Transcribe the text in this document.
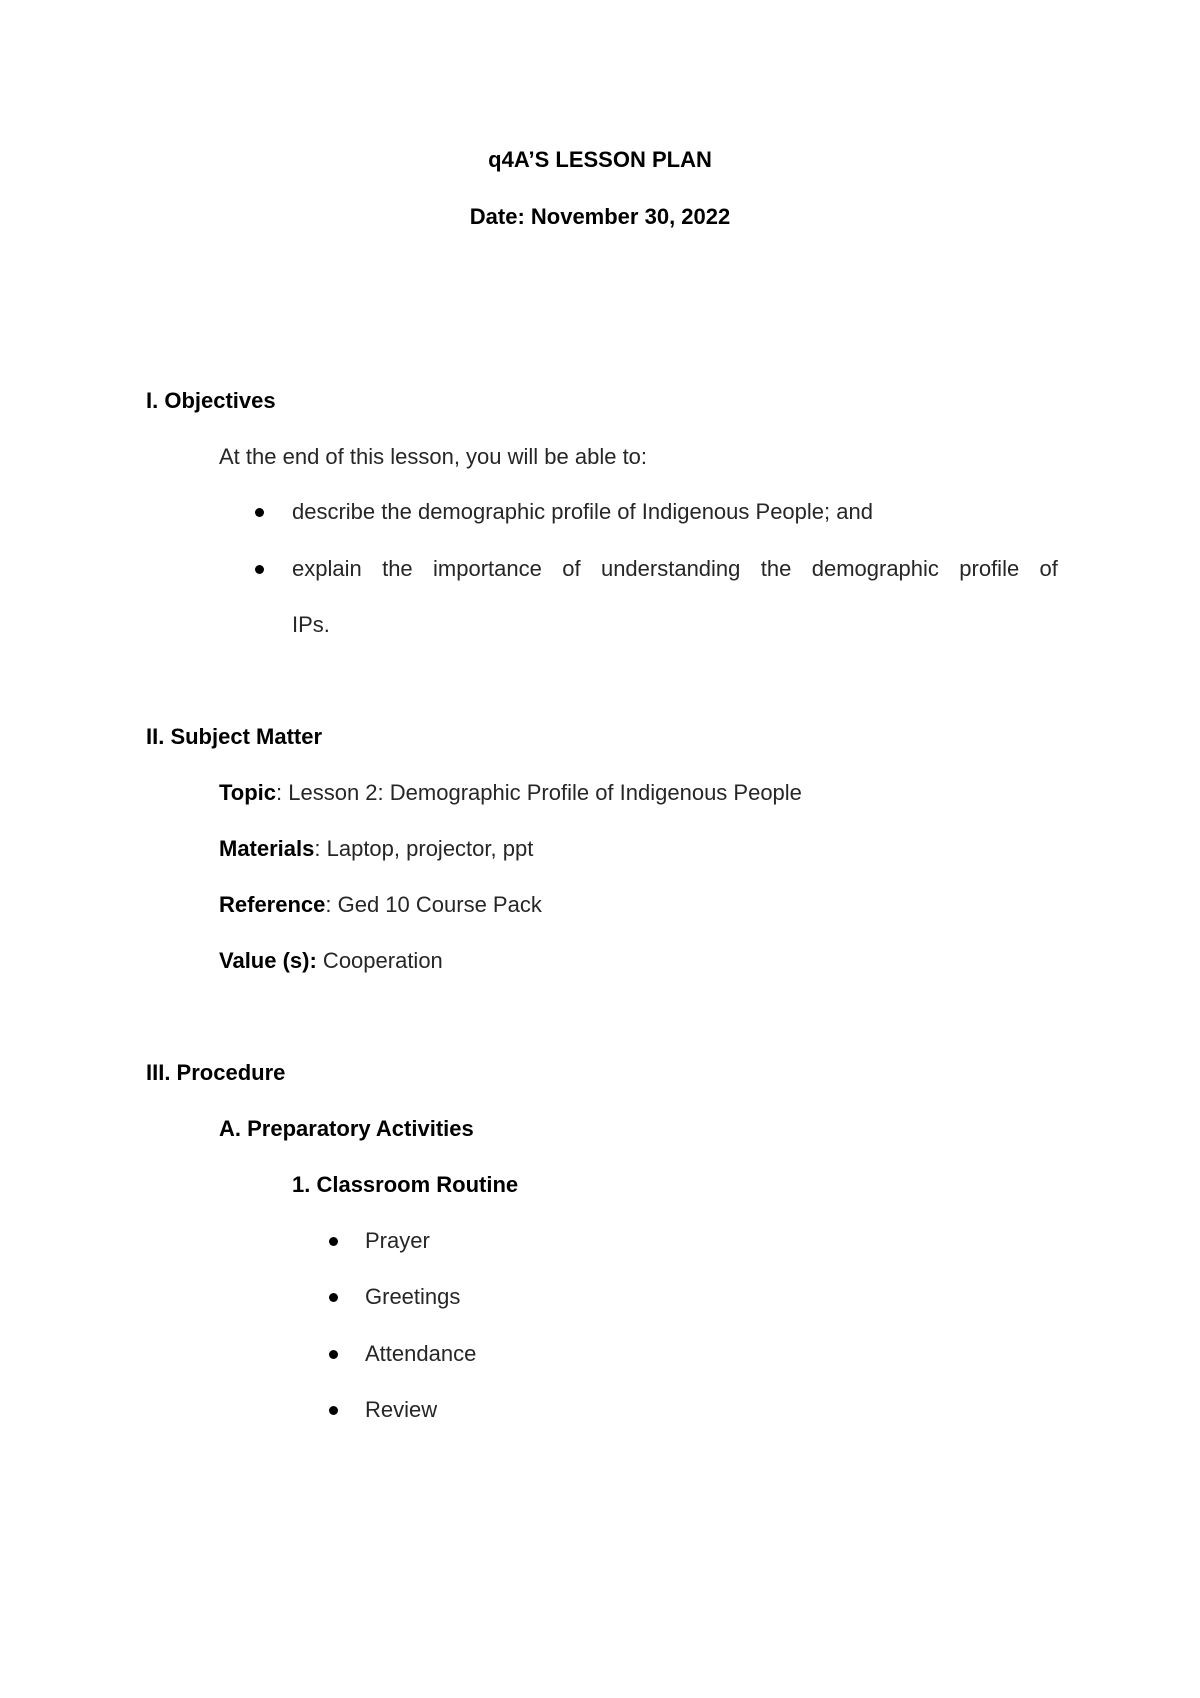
q4A’S LESSON PLAN
Date: November 30, 2022
I. Objectives
At the end of this lesson, you will be able to:
describe the demographic profile of Indigenous People; and
explain the importance of understanding the demographic profile of
IPs.
II. Subject Matter
Topic: Lesson 2: Demographic Profile of Indigenous People
Materials: Laptop, projector, ppt
Reference: Ged 10 Course Pack
Value (s): Cooperation
III. Procedure
A. Preparatory Activities
1. Classroom Routine
Prayer
Greetings
Attendance
Review
